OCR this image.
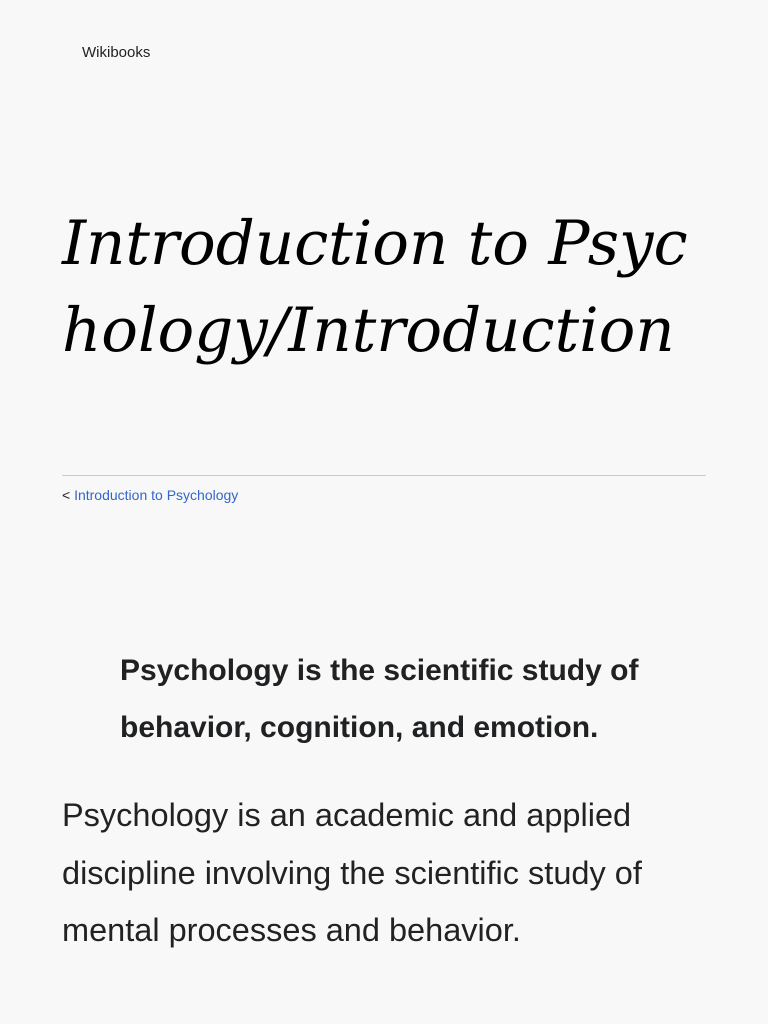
Wikibooks
Introduction to Psychology/Introduction
< Introduction to Psychology

Psychology is the scientific study of behavior, cognition, and emotion.

Psychology is an academic and applied discipline involving the scientific study of mental processes and behavior.
